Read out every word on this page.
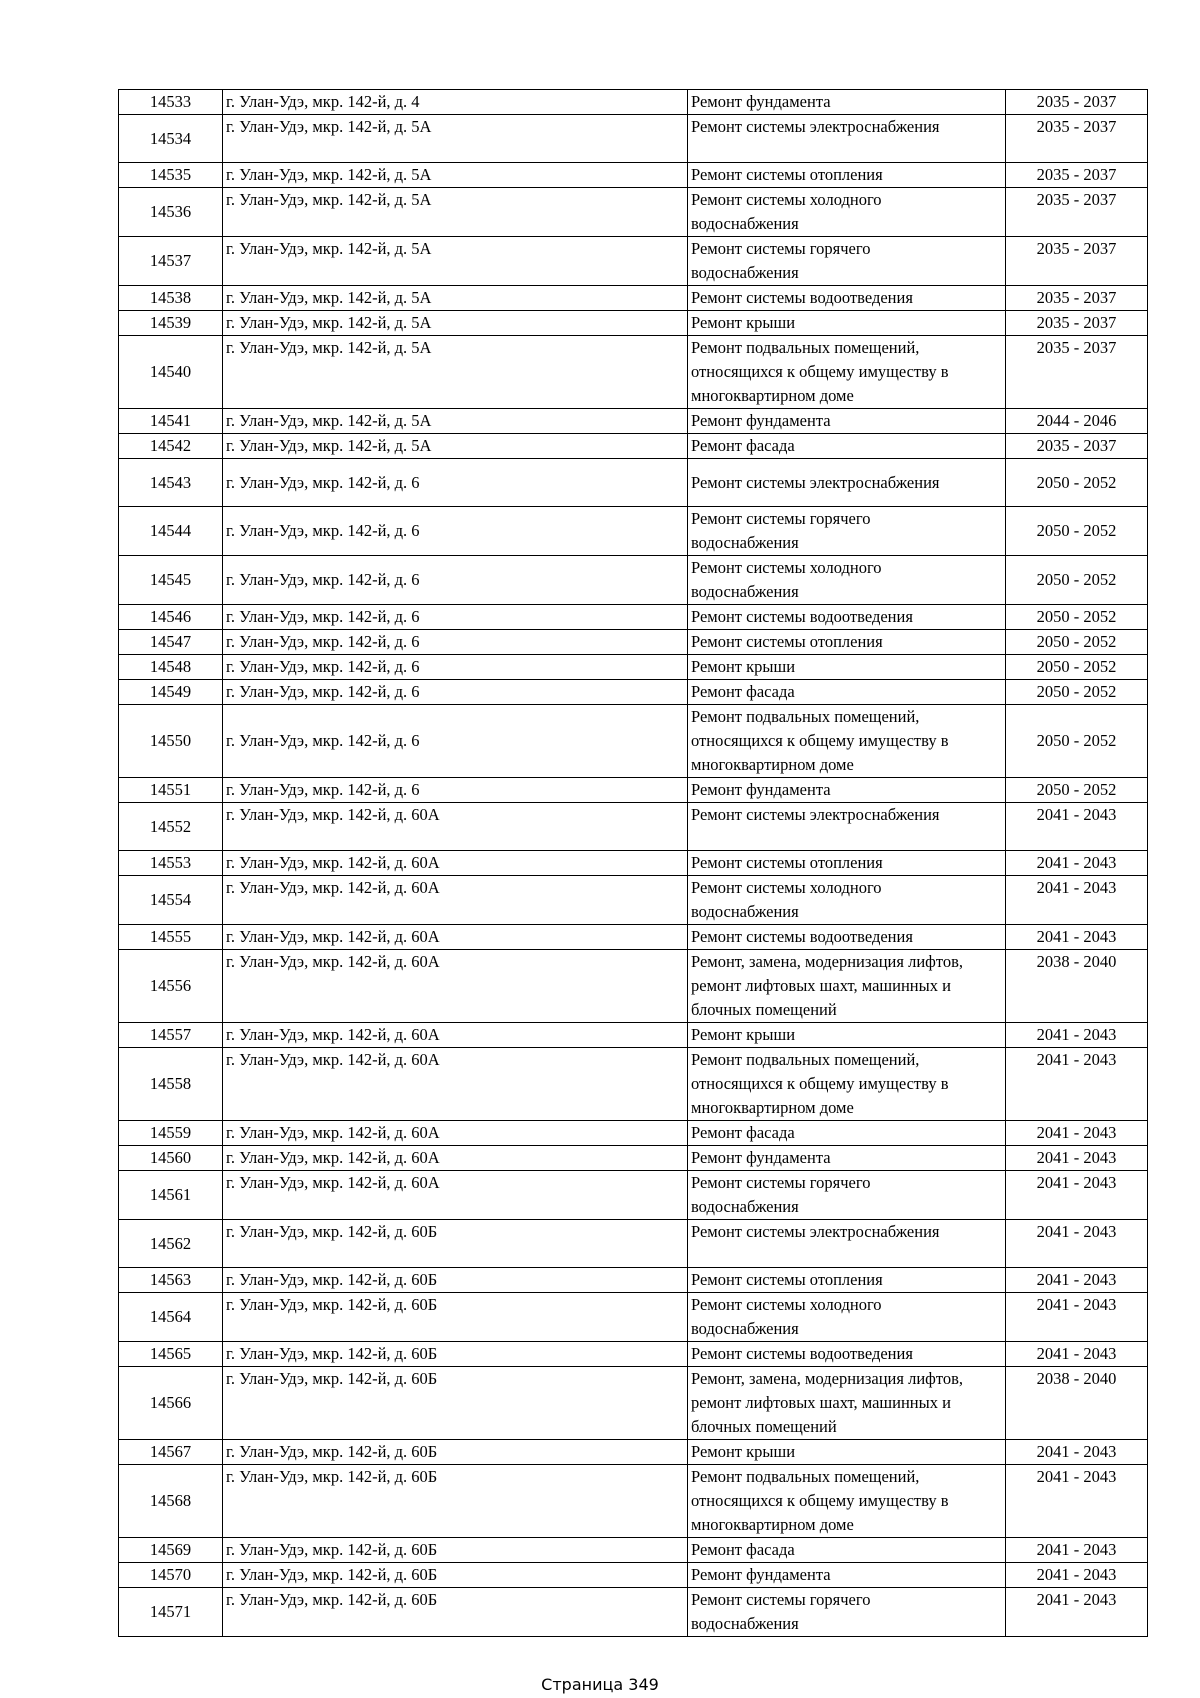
14533	г. Улан-Удэ, мкр. 142-й, д. 4	Ремонт фундамента	2035 - 2037

14534	г. Улан-Удэ, мкр. 142-й, д. 5А	Ремонт системы электроснабжения	2035 - 2037

14535	г. Улан-Удэ, мкр. 142-й, д. 5А	Ремонт системы отопления	2035 - 2037

14536	г. Улан-Удэ, мкр. 142-й, д. 5А	Ремонт системы холодного
водоснабжения	2035 - 2037

14537	г. Улан-Удэ, мкр. 142-й, д. 5А	Ремонт системы горячего
водоснабжения	2035 - 2037

14538	г. Улан-Удэ, мкр. 142-й, д. 5А	Ремонт системы водоотведения	2035 - 2037

14539	г. Улан-Удэ, мкр. 142-й, д. 5А	Ремонт крыши	2035 - 2037

14540	г. Улан-Удэ, мкр. 142-й, д. 5А	Ремонт подвальных помещений,
относящихся к общему имуществу в
многоквартирном доме	2035 - 2037

14541	г. Улан-Удэ, мкр. 142-й, д. 5А	Ремонт фундамента	2044 - 2046

14542	г. Улан-Удэ, мкр. 142-й, д. 5А	Ремонт фасада	2035 - 2037

14543	г. Улан-Удэ, мкр. 142-й, д. 6	Ремонт системы электроснабжения	2050 - 2052

14544	г. Улан-Удэ, мкр. 142-й, д. 6	Ремонт системы горячего
водоснабжения	2050 - 2052

14545	г. Улан-Удэ, мкр. 142-й, д. 6	Ремонт системы холодного
водоснабжения	2050 - 2052

14546	г. Улан-Удэ, мкр. 142-й, д. 6	Ремонт системы водоотведения	2050 - 2052

14547	г. Улан-Удэ, мкр. 142-й, д. 6	Ремонт системы отопления	2050 - 2052

14548	г. Улан-Удэ, мкр. 142-й, д. 6	Ремонт крыши	2050 - 2052

14549	г. Улан-Удэ, мкр. 142-й, д. 6	Ремонт фасада	2050 - 2052

14550	г. Улан-Удэ, мкр. 142-й, д. 6	Ремонт подвальных помещений,
относящихся к общему имуществу в
многоквартирном доме	2050 - 2052

14551	г. Улан-Удэ, мкр. 142-й, д. 6	Ремонт фундамента	2050 - 2052

14552	г. Улан-Удэ, мкр. 142-й, д. 60А	Ремонт системы электроснабжения	2041 - 2043

14553	г. Улан-Удэ, мкр. 142-й, д. 60А	Ремонт системы отопления	2041 - 2043

14554	г. Улан-Удэ, мкр. 142-й, д. 60А	Ремонт системы холодного
водоснабжения	2041 - 2043

14555	г. Улан-Удэ, мкр. 142-й, д. 60А	Ремонт системы водоотведения	2041 - 2043

14556	г. Улан-Удэ, мкр. 142-й, д. 60А	Ремонт, замена, модернизация лифтов,
ремонт лифтовых шахт, машинных и
блочных помещений	2038 - 2040

14557	г. Улан-Удэ, мкр. 142-й, д. 60А	Ремонт крыши	2041 - 2043

14558	г. Улан-Удэ, мкр. 142-й, д. 60А	Ремонт подвальных помещений,
относящихся к общему имуществу в
многоквартирном доме	2041 - 2043

14559	г. Улан-Удэ, мкр. 142-й, д. 60А	Ремонт фасада	2041 - 2043

14560	г. Улан-Удэ, мкр. 142-й, д. 60А	Ремонт фундамента	2041 - 2043

14561	г. Улан-Удэ, мкр. 142-й, д. 60А	Ремонт системы горячего
водоснабжения	2041 - 2043

14562	г. Улан-Удэ, мкр. 142-й, д. 60Б	Ремонт системы электроснабжения	2041 - 2043

14563	г. Улан-Удэ, мкр. 142-й, д. 60Б	Ремонт системы отопления	2041 - 2043

14564	г. Улан-Удэ, мкр. 142-й, д. 60Б	Ремонт системы холодного
водоснабжения	2041 - 2043

14565	г. Улан-Удэ, мкр. 142-й, д. 60Б	Ремонт системы водоотведения	2041 - 2043

14566	г. Улан-Удэ, мкр. 142-й, д. 60Б	Ремонт, замена, модернизация лифтов,
ремонт лифтовых шахт, машинных и
блочных помещений	2038 - 2040

14567	г. Улан-Удэ, мкр. 142-й, д. 60Б	Ремонт крыши	2041 - 2043

14568	г. Улан-Удэ, мкр. 142-й, д. 60Б	Ремонт подвальных помещений,
относящихся к общему имуществу в
многоквартирном доме	2041 - 2043

14569	г. Улан-Удэ, мкр. 142-й, д. 60Б	Ремонт фасада	2041 - 2043

14570	г. Улан-Удэ, мкр. 142-й, д. 60Б	Ремонт фундамента	2041 - 2043

14571	г. Улан-Удэ, мкр. 142-й, д. 60Б	Ремонт системы горячего
водоснабжения	2041 - 2043
Страница 349
